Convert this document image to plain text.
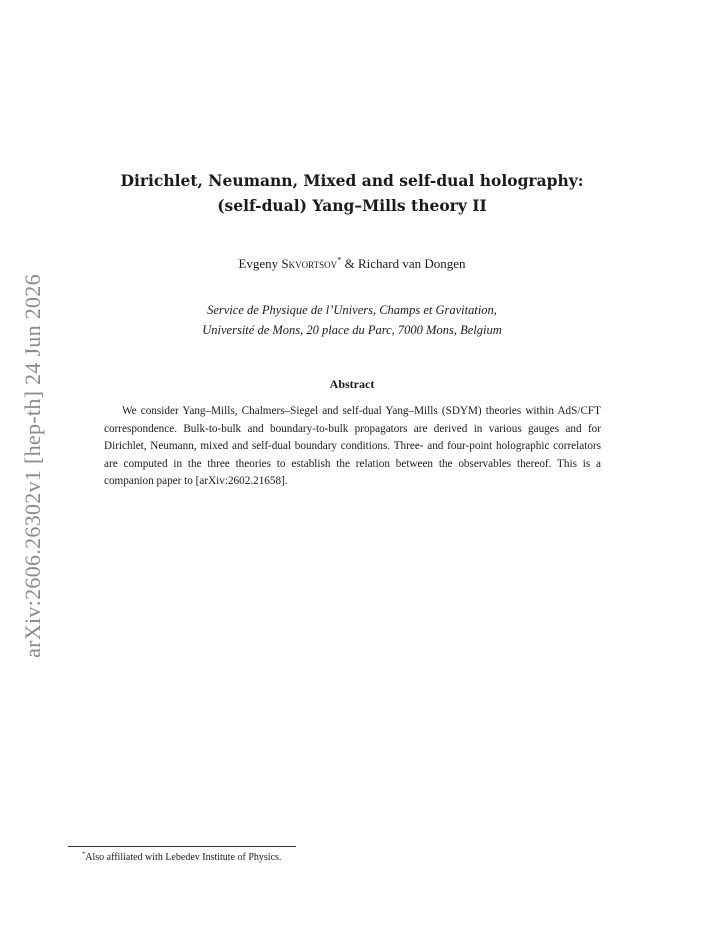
arXiv:2606.26302v1 [hep-th] 24 Jun 2026
Dirichlet, Neumann, Mixed and self-dual holography:
(self-dual) Yang–Mills theory II
Evgeny Skvortsov* & Richard van Dongen
Service de Physique de l’Univers, Champs et Gravitation,
Université de Mons, 20 place du Parc, 7000 Mons, Belgium
Abstract
We consider Yang–Mills, Chalmers–Siegel and self-dual Yang–Mills (SDYM) theories within AdS/CFT correspondence. Bulk-to-bulk and boundary-to-bulk propagators are derived in various gauges and for Dirichlet, Neumann, mixed and self-dual boundary conditions. Three- and four-point holographic correlators are computed in the three theories to establish the relation between the observables thereof. This is a companion paper to [arXiv:2602.21658].
*Also affiliated with Lebedev Institute of Physics.
